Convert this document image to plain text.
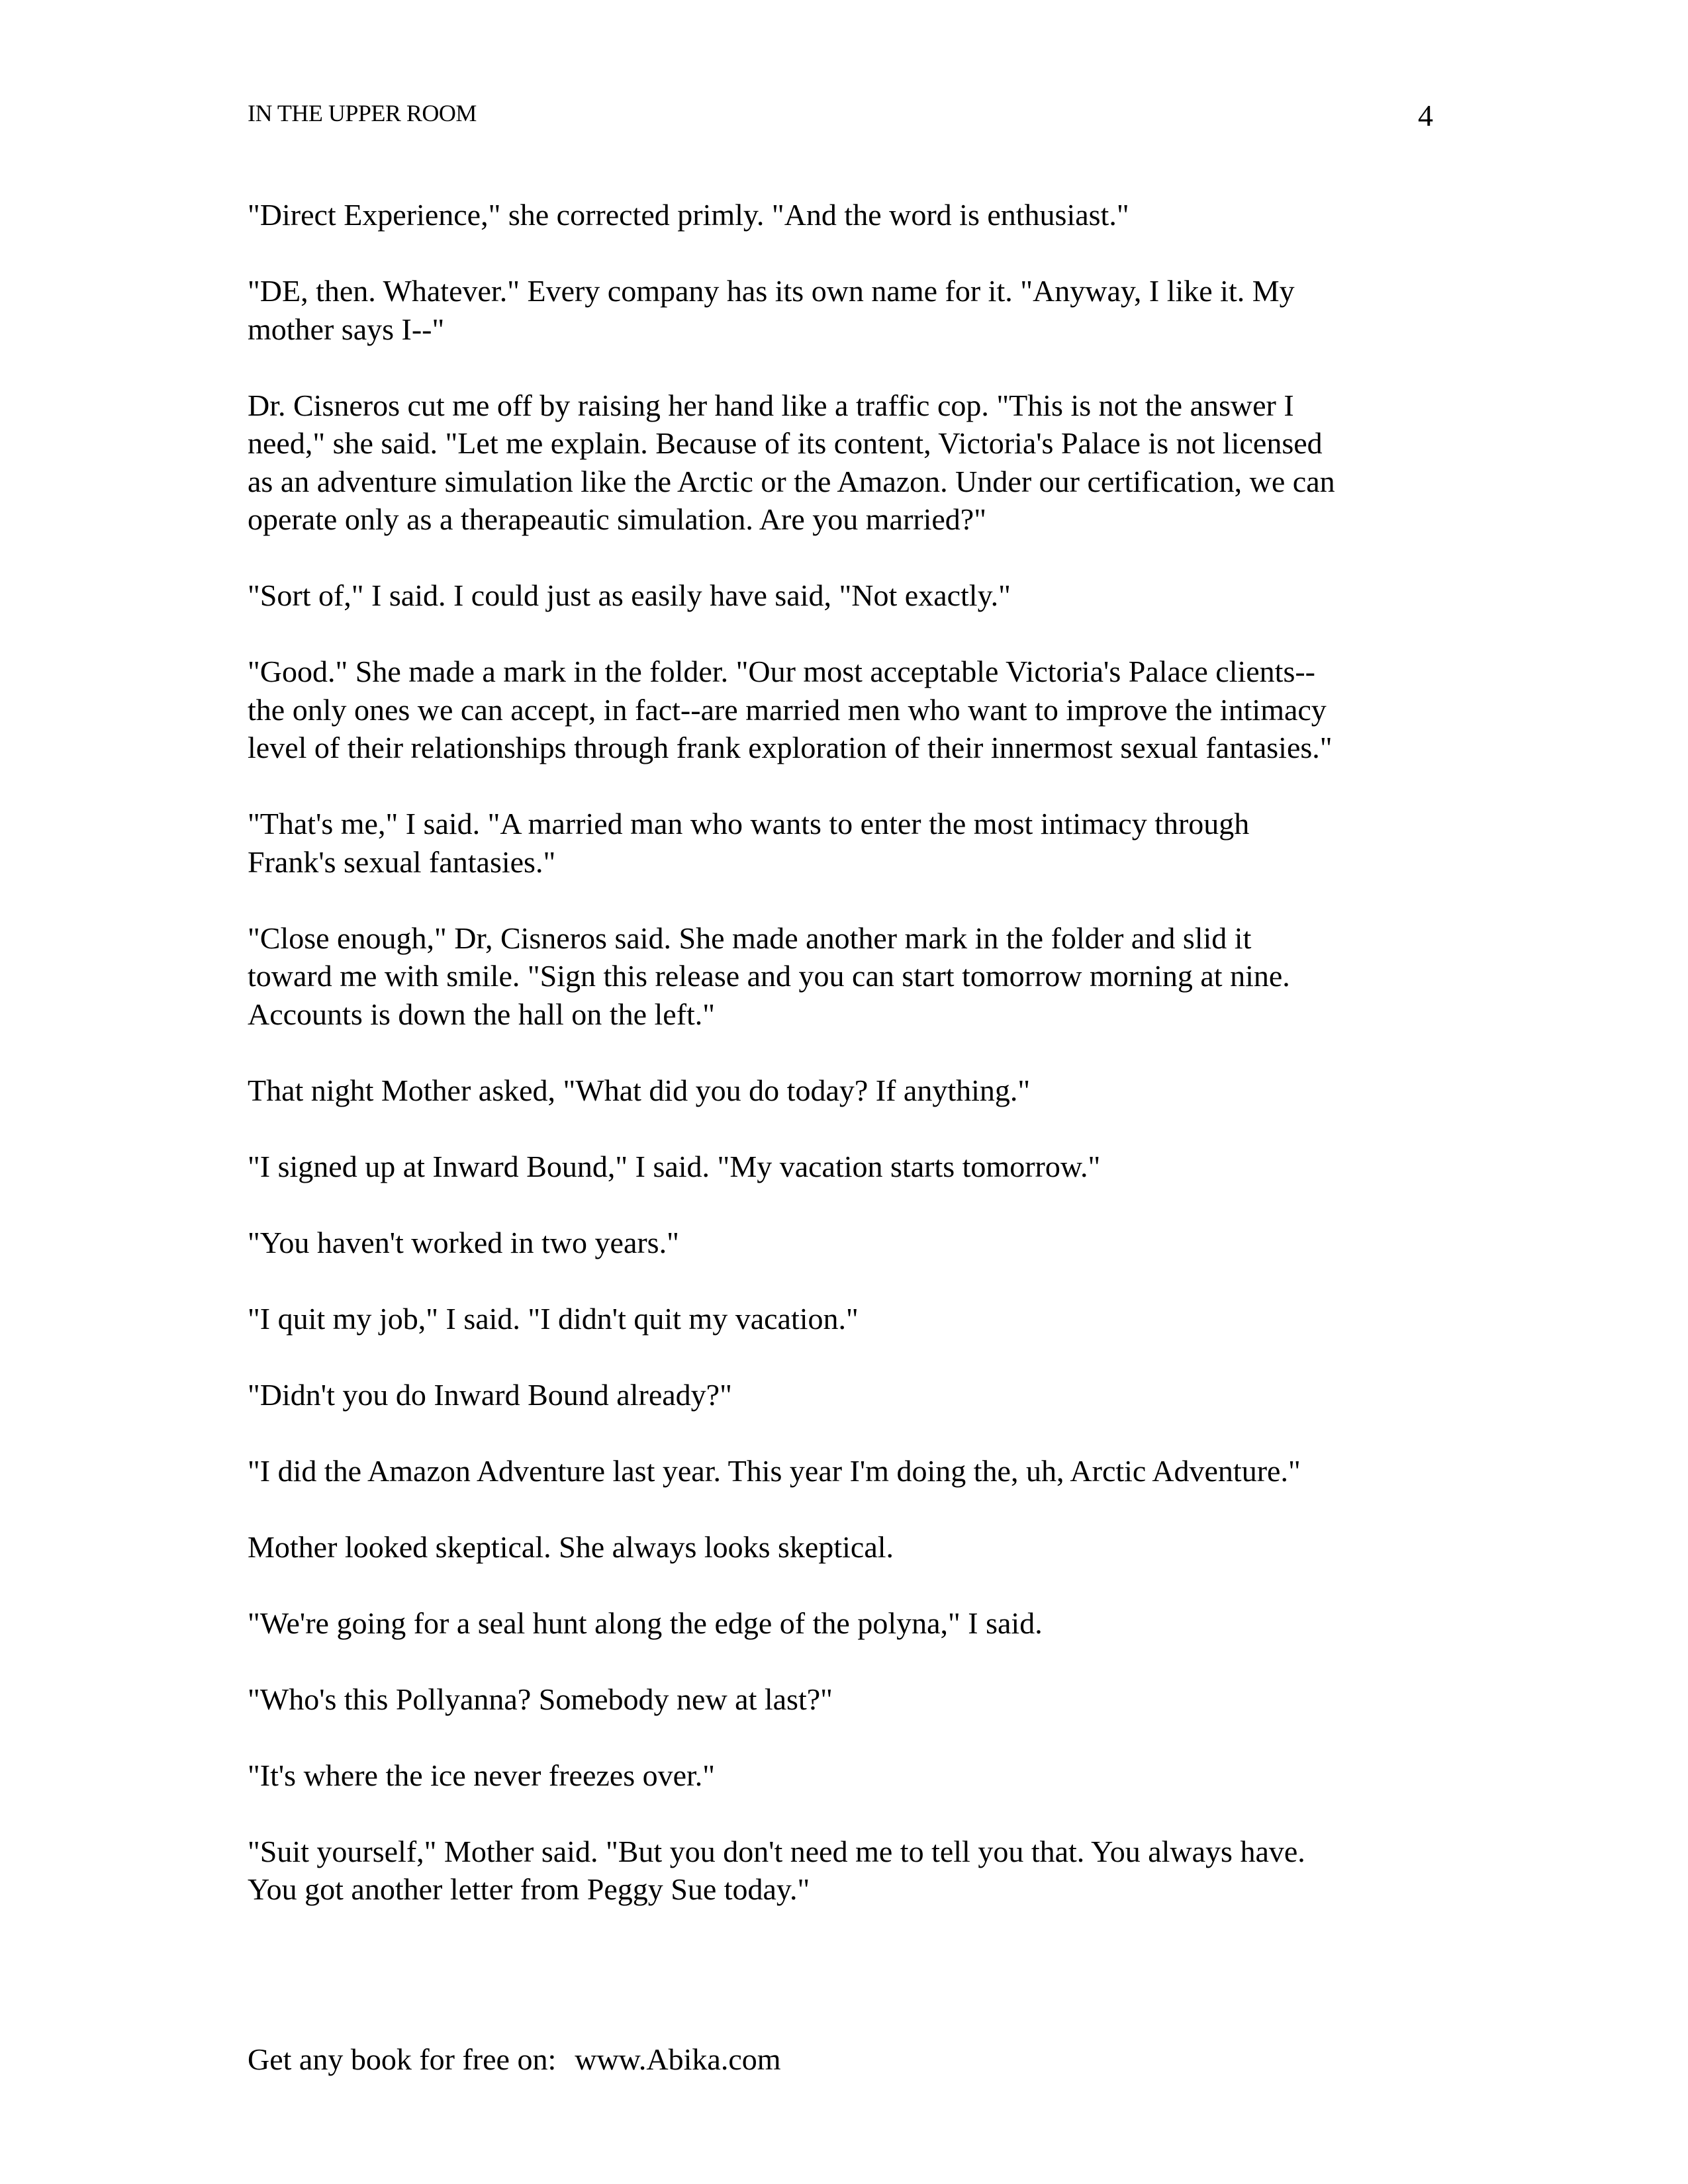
IN THE UPPER ROOM	4

"Direct Experience," she corrected primly. "And the word is enthusiast."

"DE, then. Whatever." Every company has its own name for it. "Anyway, I like it. My
mother says I--"

Dr. Cisneros cut me off by raising her hand like a traffic cop. "This is not the answer I
need," she said. "Let me explain. Because of its content, Victoria's Palace is not licensed
as an adventure simulation like the Arctic or the Amazon. Under our certification, we can
operate only as a therapeautic simulation. Are you married?"

"Sort of," I said. I could just as easily have said, "Not exactly."

"Good." She made a mark in the folder. "Our most acceptable Victoria's Palace clients--
the only ones we can accept, in fact--are married men who want to improve the intimacy
level of their relationships through frank exploration of their innermost sexual fantasies."

"That's me," I said. "A married man who wants to enter the most intimacy through
Frank's sexual fantasies."

"Close enough," Dr, Cisneros said. She made another mark in the folder and slid it
toward me with smile. "Sign this release and you can start tomorrow morning at nine.
Accounts is down the hall on the left."

That night Mother asked, "What did you do today? If anything."

"I signed up at Inward Bound," I said. "My vacation starts tomorrow."

"You haven't worked in two years."

"I quit my job," I said. "I didn't quit my vacation."

"Didn't you do Inward Bound already?"

"I did the Amazon Adventure last year. This year I'm doing the, uh, Arctic Adventure."

Mother looked skeptical. She always looks skeptical.

"We're going for a seal hunt along the edge of the polyna," I said.

"Who's this Pollyanna? Somebody new at last?"

"It's where the ice never freezes over."

"Suit yourself," Mother said. "But you don't need me to tell you that. You always have.
You got another letter from Peggy Sue today."

Get any book for free on: www.Abika.com
